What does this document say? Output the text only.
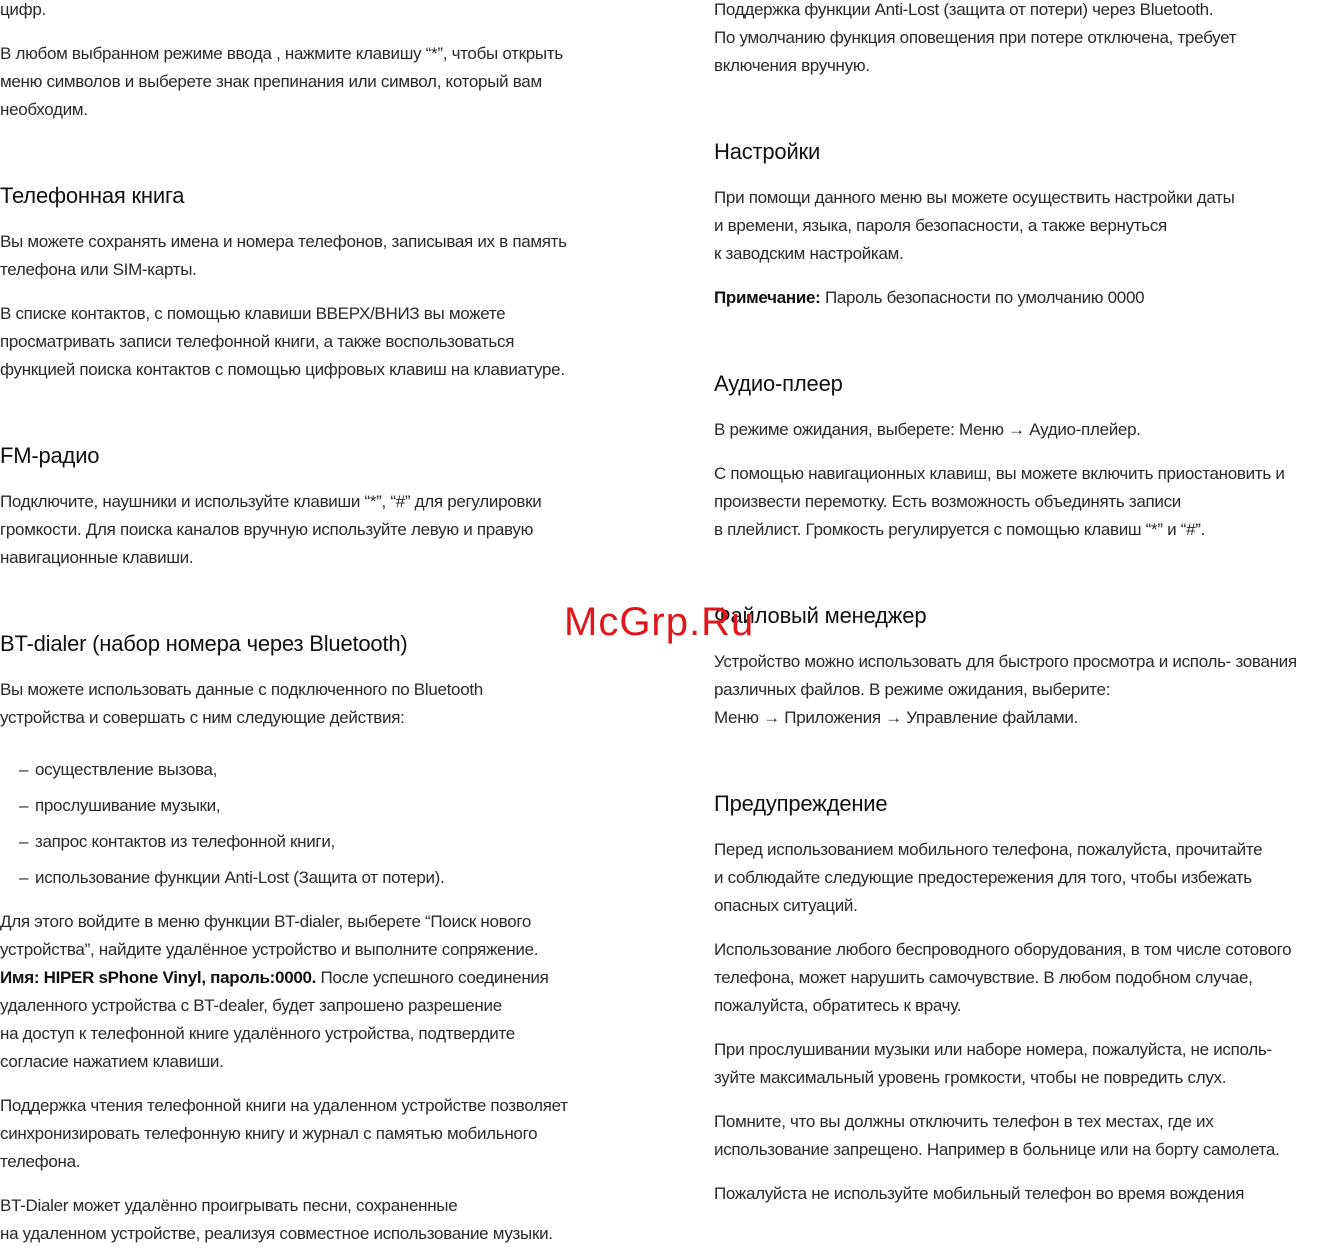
цифр.

В любом выбранном режиме ввода , нажмите клавишу “*”, чтобы открыть
меню символов и выберете знак препинания или символ, который вам
необходим.

Телефонная книга

Вы можете сохранять имена и номера телефонов, записывая их в память
телефона или SIM-карты.

В списке контактов, с помощью клавиши ВВЕРХ/ВНИЗ вы можете
просматривать записи телефонной книги, а также воспользоваться
функцией поиска контактов с помощью цифровых клавиш на клавиатуре.

FM-радио

Подключите, наушники и используйте клавиши “*”, “#” для регулировки
громкости. Для поиска каналов вручную используйте левую и правую
навигационные клавиши.

BT-dialer (набор номера через Bluetooth)

Вы можете использовать данные с подключенного по Bluetooth
устройства и совершать с ним следующие действия:

– осуществление вызова,
– прослушивание музыки,
– запрос контактов из телефонной книги,
– использование функции Anti-Lost (Защита от потери).

Для этого войдите в меню функции BT-dialer, выберете “Поиск нового
устройства”, найдите удалённое устройство и выполните сопряжение.
Имя: HIPER sPhone Vinyl, пароль:0000. После успешного соединения
удаленного устройства с BT-dealer, будет запрошено разрешение
на доступ к телефонной книге удалённого устройства, подтвердите
согласие нажатием клавиши.

Поддержка чтения телефонной книги на удаленном устройстве позволяет
синхронизировать телефонную книгу и журнал с памятью мобильного
телефона.

BT-Dialer может удалённо проигрывать песни, сохраненные
на удаленном устройстве, реализуя совместное использование музыки.

Поддержка функции Anti-Lost (защита от потери) через Bluetooth.
По умолчанию функция оповещения при потере отключена, требует
включения вручную.

Настройки

При помощи данного меню вы можете осуществить настройки даты
и времени, языка, пароля безопасности, а также вернуться
к заводским настройкам.

Примечание: Пароль безопасности по умолчанию 0000

Аудио-плеер

В режиме ожидания, выберете: Меню → Аудио-плейер.

С помощью навигационных клавиш, вы можете включить приостановить и
произвести перемотку. Есть возможность объединять записи
в плейлист. Громкость регулируется с помощью клавиш “*” и “#”.

Файловый менеджер

Устройство можно использовать для быстрого просмотра и исполь- зования
различных файлов. В режиме ожидания, выберите:
Меню → Приложения → Управление файлами.

Предупреждение

Перед использованием мобильного телефона, пожалуйста, прочитайте
и соблюдайте следующие предостережения для того, чтобы избежать
опасных ситуаций.

Использование любого беспроводного оборудования, в том числе сотового
телефона, может нарушить самочувствие. В любом подобном случае,
пожалуйста, обратитесь к врачу.

При прослушивании музыки или наборе номера, пожалуйста, не исполь-
зуйте максимальный уровень громкости, чтобы не повредить слух.

Помните, что вы должны отключить телефон в тех местах, где их
использование запрещено. Например в больнице или на борту самолета.

Пожалуйста не используйте мобильный телефон во время вождения

McGrp.Ru
